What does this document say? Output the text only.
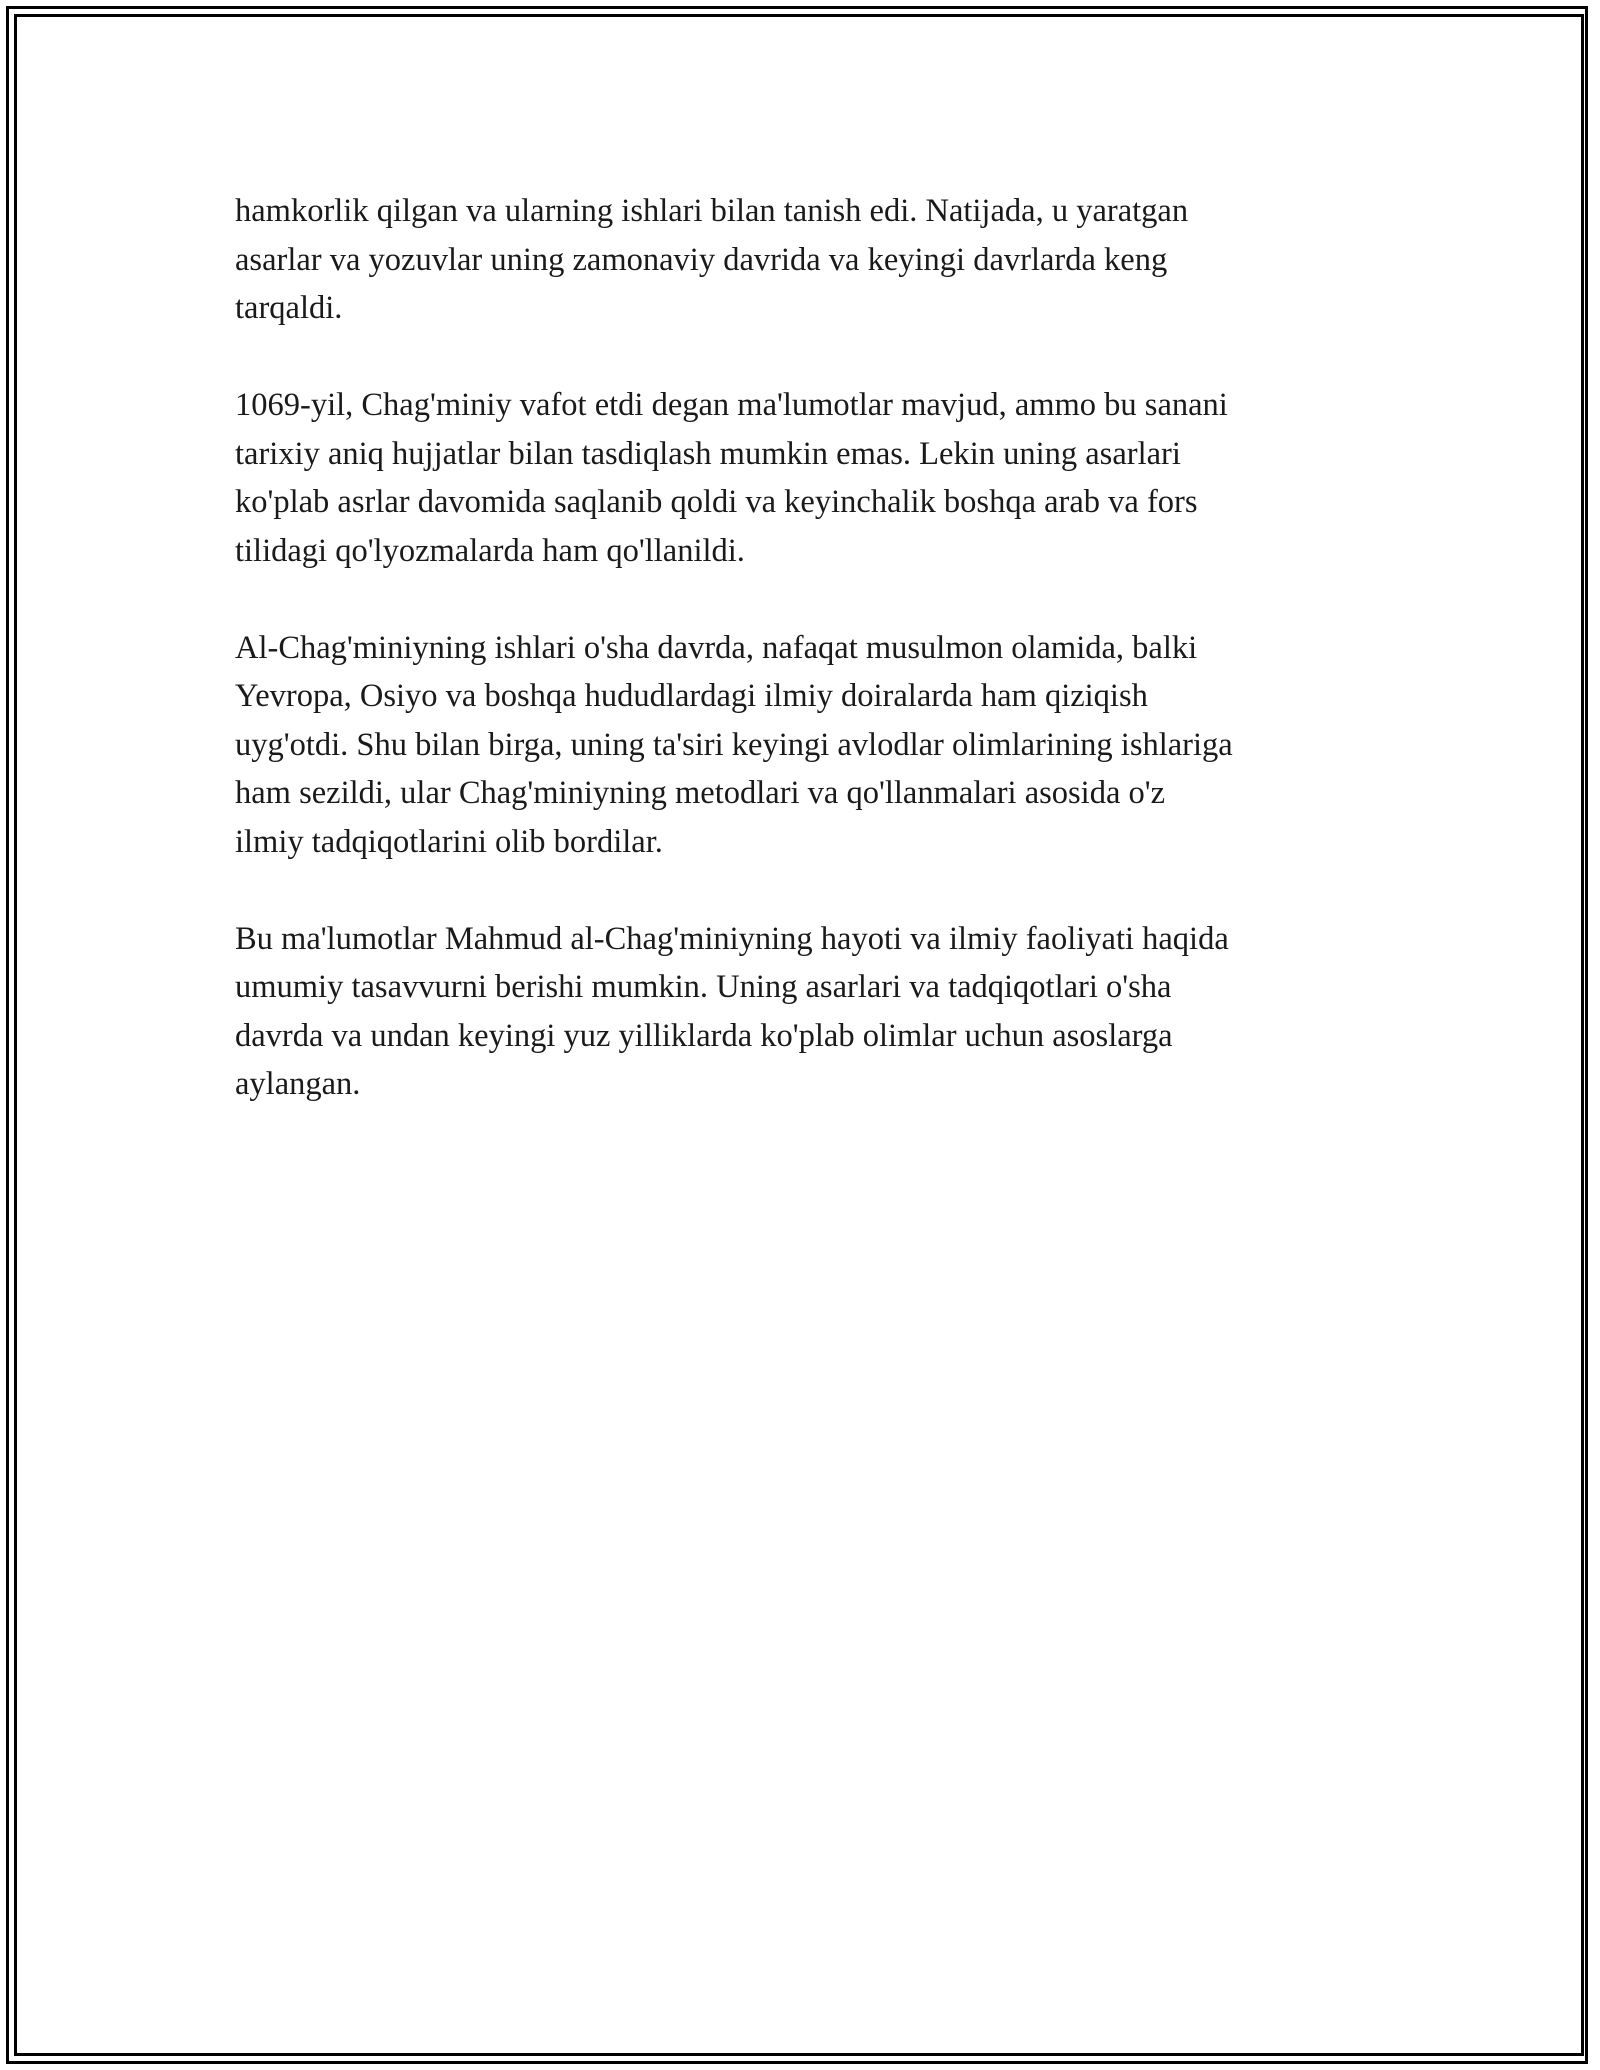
hamkorlik qilgan va ularning ishlari bilan tanish edi. Natijada, u yaratgan
asarlar va yozuvlar uning zamonaviy davrida va keyingi davrlarda keng
tarqaldi.

1069-yil, Chag'miniy vafot etdi degan ma'lumotlar mavjud, ammo bu sanani
tarixiy aniq hujjatlar bilan tasdiqlash mumkin emas. Lekin uning asarlari
ko'plab asrlar davomida saqlanib qoldi va keyinchalik boshqa arab va fors
tilidagi qo'lyozmalarda ham qo'llanildi.

Al-Chag'miniyning ishlari o'sha davrda, nafaqat musulmon olamida, balki
Yevropa, Osiyo va boshqa hududlardagi ilmiy doiralarda ham qiziqish
uyg'otdi. Shu bilan birga, uning ta'siri keyingi avlodlar olimlarining ishlariga
ham sezildi, ular Chag'miniyning metodlari va qo'llanmalari asosida o'z
ilmiy tadqiqotlarini olib bordilar.

Bu ma'lumotlar Mahmud al-Chag'miniyning hayoti va ilmiy faoliyati haqida
umumiy tasavvurni berishi mumkin. Uning asarlari va tadqiqotlari o'sha
davrda va undan keyingi yuz yilliklarda ko'plab olimlar uchun asoslarga
aylangan.
